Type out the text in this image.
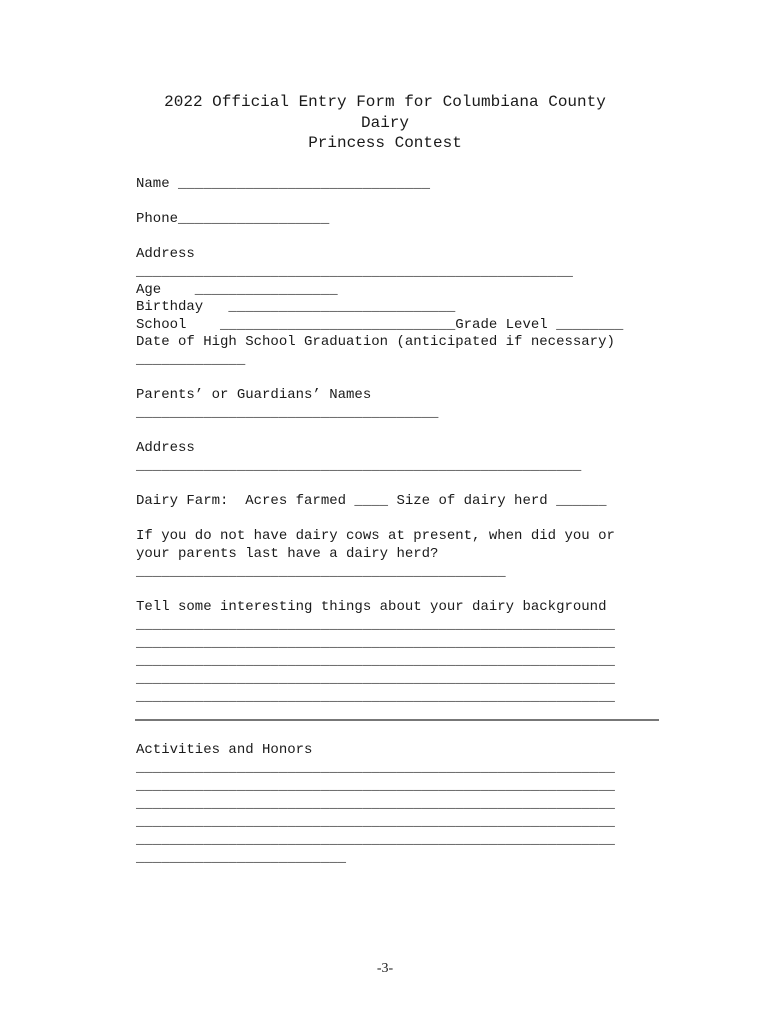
2022 Official Entry Form for Columbiana County
Dairy
Princess Contest
Name ______________________________
Phone__________________
Address
____________________________________________________
Age    _________________
Birthday   ___________________________
School    ____________________________Grade Level ________
Date of High School Graduation (anticipated if necessary)
_____________
Parents’ or Guardians’ Names
____________________________________
Address
_____________________________________________________
Dairy Farm:  Acres farmed ____ Size of dairy herd ______
If you do not have dairy cows at present, when did you or
your parents last have a dairy herd?
____________________________________________
Tell some interesting things about your dairy background
_________________________________________________________
_________________________________________________________
_________________________________________________________
_________________________________________________________
_________________________________________________________
Activities and Honors
_________________________________________________________
_________________________________________________________
_________________________________________________________
_________________________________________________________
_________________________________________________________
_________________________
-3-
